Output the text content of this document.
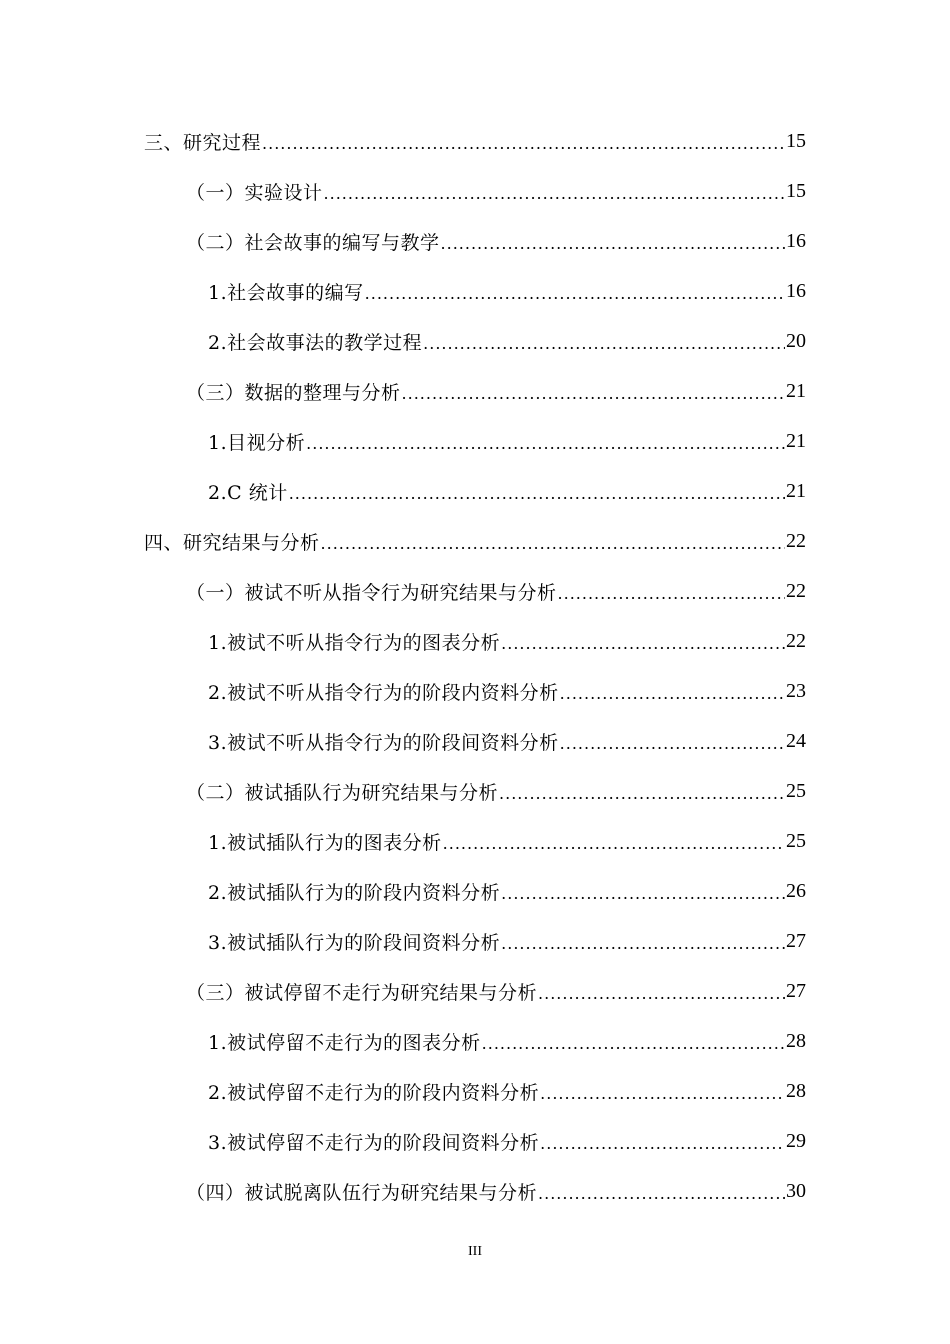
三、研究过程 .....	15
（一）实验设计 .....	15
（二）社会故事的编写与教学 .....	16
1.社会故事的编写 .....	16
2.社会故事法的教学过程 .....	20
（三）数据的整理与分析 .....	21
1.目视分析 .....	21
2.C 统计 .....	21
四、研究结果与分析 .....	22
（一）被试不听从指令行为研究结果与分析 .....	22
1.被试不听从指令行为的图表分析 .....	22
2.被试不听从指令行为的阶段内资料分析 .....	23
3.被试不听从指令行为的阶段间资料分析 .....	24
（二）被试插队行为研究结果与分析 .....	25
1.被试插队行为的图表分析 .....	25
2.被试插队行为的阶段内资料分析 .....	26
3.被试插队行为的阶段间资料分析 .....	27
（三）被试停留不走行为研究结果与分析 .....	27
1.被试停留不走行为的图表分析 .....	28
2.被试停留不走行为的阶段内资料分析 .....	28
3.被试停留不走行为的阶段间资料分析 .....	29
（四）被试脱离队伍行为研究结果与分析 .....	30
III
